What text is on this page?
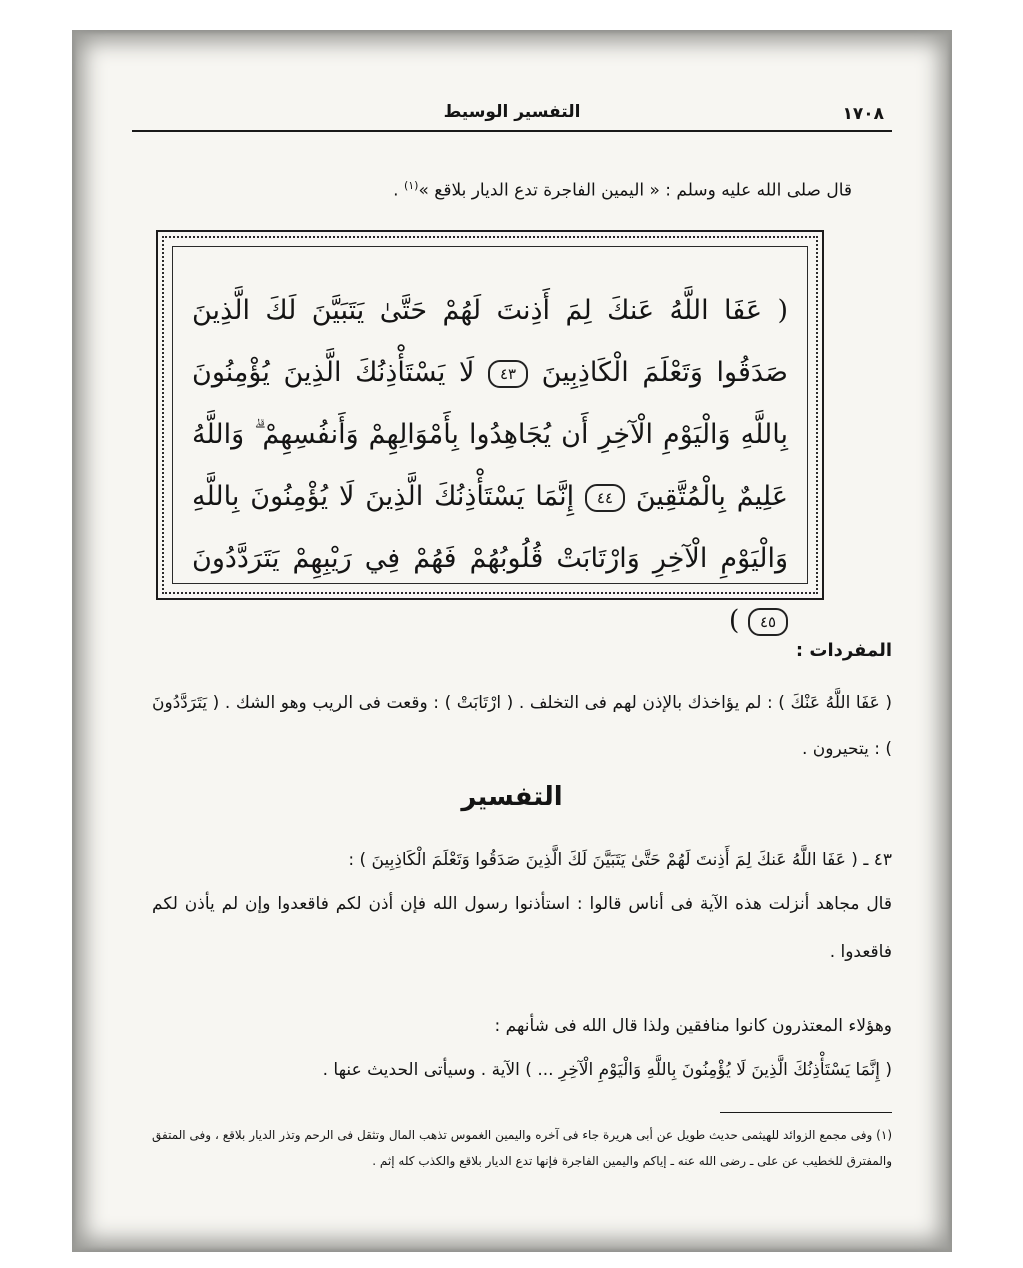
١٧٠٨
التفسير الوسيط
قال صلى الله عليه وسلم : « اليمين الفاجرة تدع الديار بلاقع »$^{(١)}$ .
( عَفَا اللَّهُ عَنكَ لِمَ أَذِنتَ لَهُمْ حَتَّىٰ يَتَبَيَّنَ لَكَ الَّذِينَ صَدَقُوا وَتَعْلَمَ الْكَاذِبِينَ ٤٣ لَا يَسْتَأْذِنُكَ الَّذِينَ يُؤْمِنُونَ بِاللَّهِ وَالْيَوْمِ الْآخِرِ أَن يُجَاهِدُوا بِأَمْوَالِهِمْ وَأَنفُسِهِمْ ۗ وَاللَّهُ عَلِيمٌ بِالْمُتَّقِينَ ٤٤ إِنَّمَا يَسْتَأْذِنُكَ الَّذِينَ لَا يُؤْمِنُونَ بِاللَّهِ وَالْيَوْمِ الْآخِرِ وَارْتَابَتْ قُلُوبُهُمْ فَهُمْ فِي رَيْبِهِمْ يَتَرَدَّدُونَ ٤٥ )
المفردات :
( عَفَا اللَّهُ عَنْكَ ) : لم يؤاخذك بالإذن لهم فى التخلف . ( ارْتَابَتْ ) : وقعت فى الريب وهو الشك . ( يَتَرَدَّدُونَ ) : يتحيرون .
التفسير
٤٣ ـ ( عَفَا اللَّهُ عَنكَ لِمَ أَذِنتَ لَهُمْ حَتَّىٰ يَتَبَيَّنَ لَكَ الَّذِينَ صَدَقُوا وَتَعْلَمَ الْكَاذِبِينَ ) :
قال مجاهد أنزلت هذه الآية فى أناس قالوا : استأذنوا رسول الله فإن أذن لكم فاقعدوا وإن لم يأذن لكم فاقعدوا .
وهؤلاء المعتذرون كانوا منافقين ولذا قال الله فى شأنهم :
( إِنَّمَا يَسْتَأْذِنُكَ الَّذِينَ لَا يُؤْمِنُونَ بِاللَّهِ وَالْيَوْمِ الْآخِرِ ... ) الآية . وسيأتى الحديث عنها .
(١) وفى مجمع الزوائد للهيثمى حديث طويل عن أبى هريرة جاء فى آخره واليمين الغموس تذهب المال وتثقل فى الرحم وتذر الديار بلاقع ، وفى المتفق والمفترق للخطيب عن على ـ رضى الله عنه ـ إياكم واليمين الفاجرة فإنها تدع الديار بلاقع والكذب كله إثم .
